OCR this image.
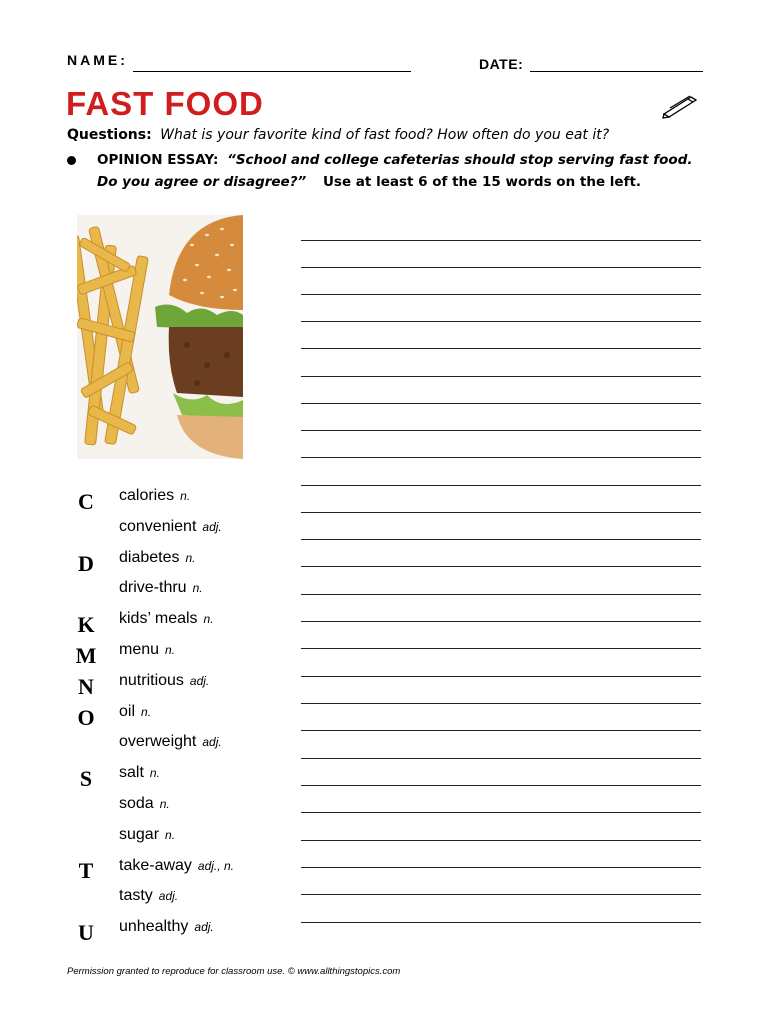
NAME:	DATE:
FAST FOOD
Questions: What is your favorite kind of fast food? How often do you eat it?
OPINION ESSAY: “School and college cafeterias should stop serving fast food.
Do you agree or disagree?” Use at least 6 of the 15 words on the left.
C
D
K
M
N
O
S
T
U
calories n.
convenient adj.
diabetes n.
drive-thru n.
kids’ meals n.
menu n.
nutritious adj.
oil n.
overweight adj.
salt n.
soda n.
sugar n.
take-away adj., n.
tasty adj.
unhealthy adj.
Permission granted to reproduce for classroom use. © www.allthingstopics.com
